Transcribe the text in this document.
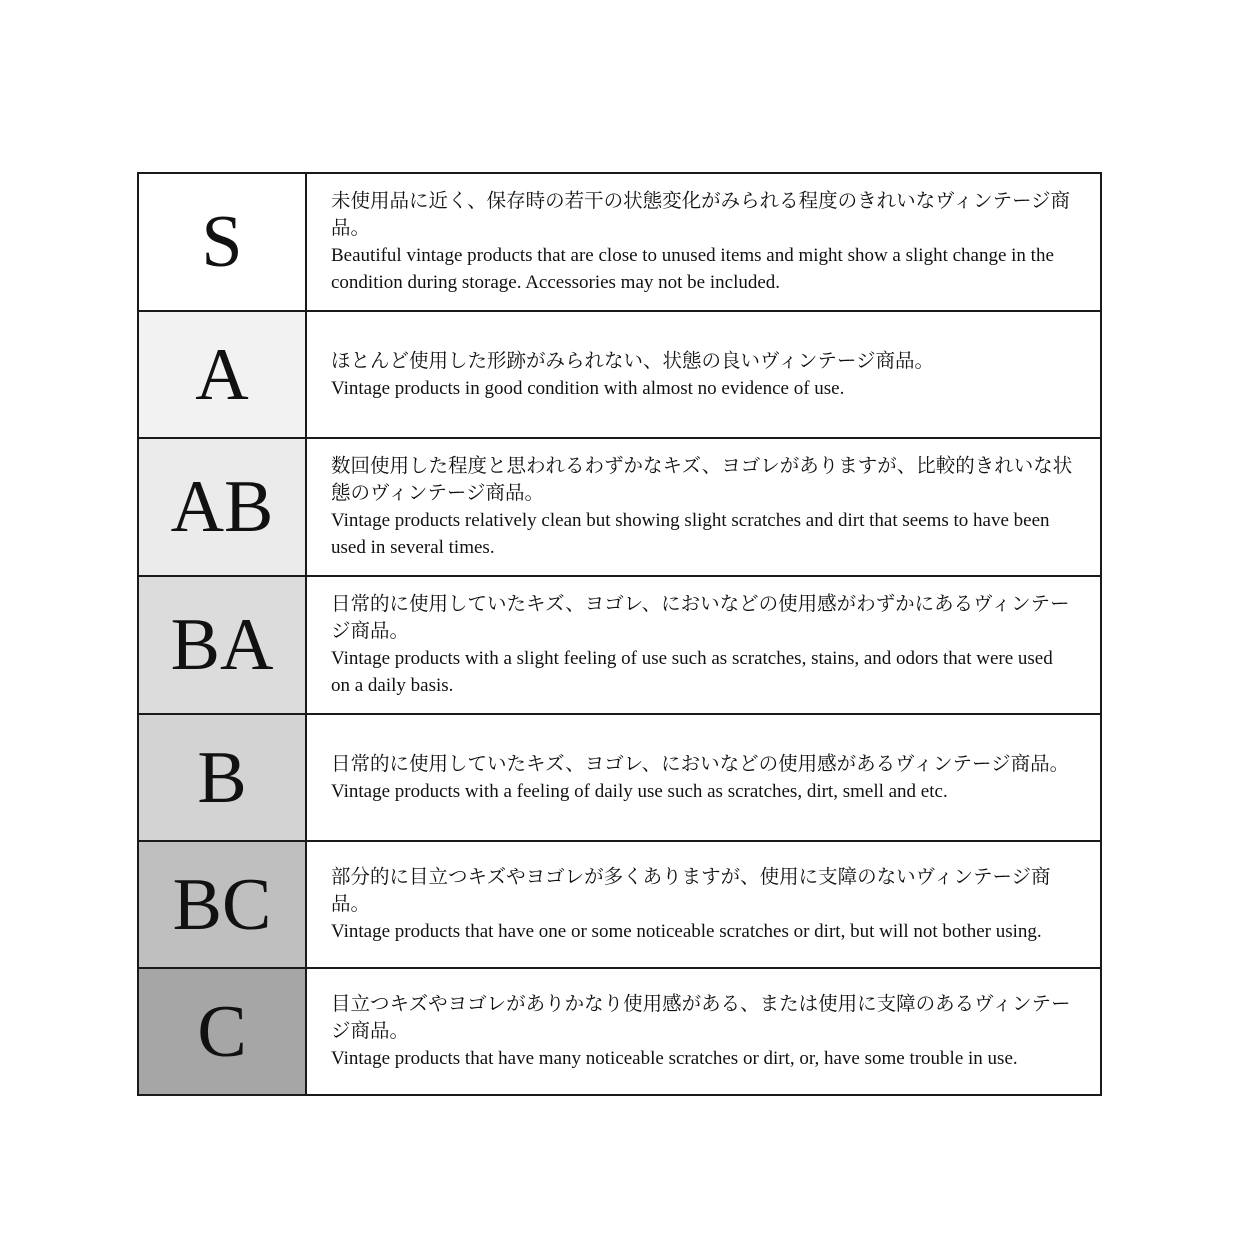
S	未使用品に近く、保存時の若干の状態変化がみられる程度のきれいなヴィンテージ商品。
Beautiful vintage products that are close to unused items and might show a slight change in the condition during storage. Accessories may not be included.

A	ほとんど使用した形跡がみられない、状態の良いヴィンテージ商品。
Vintage products in good condition with almost no evidence of use.

AB	数回使用した程度と思われるわずかなキズ、ヨゴレがありますが、比較的きれいな状態のヴィンテージ商品。
Vintage products relatively clean but showing slight scratches and dirt that seems to have been used in several times.

BA	日常的に使用していたキズ、ヨゴレ、においなどの使用感がわずかにあるヴィンテージ商品。
Vintage products with a slight feeling of use such as scratches, stains, and odors that were used on a daily basis.

B	日常的に使用していたキズ、ヨゴレ、においなどの使用感があるヴィンテージ商品。
Vintage products with a feeling of daily use such as scratches, dirt, smell and etc.

BC	部分的に目立つキズやヨゴレが多くありますが、使用に支障のないヴィンテージ商品。
Vintage products that have one or some noticeable scratches or dirt, but will not bother using.

C	目立つキズやヨゴレがありかなり使用感がある、または使用に支障のあるヴィンテージ商品。
Vintage products that have many noticeable scratches or dirt, or, have some trouble in use.
